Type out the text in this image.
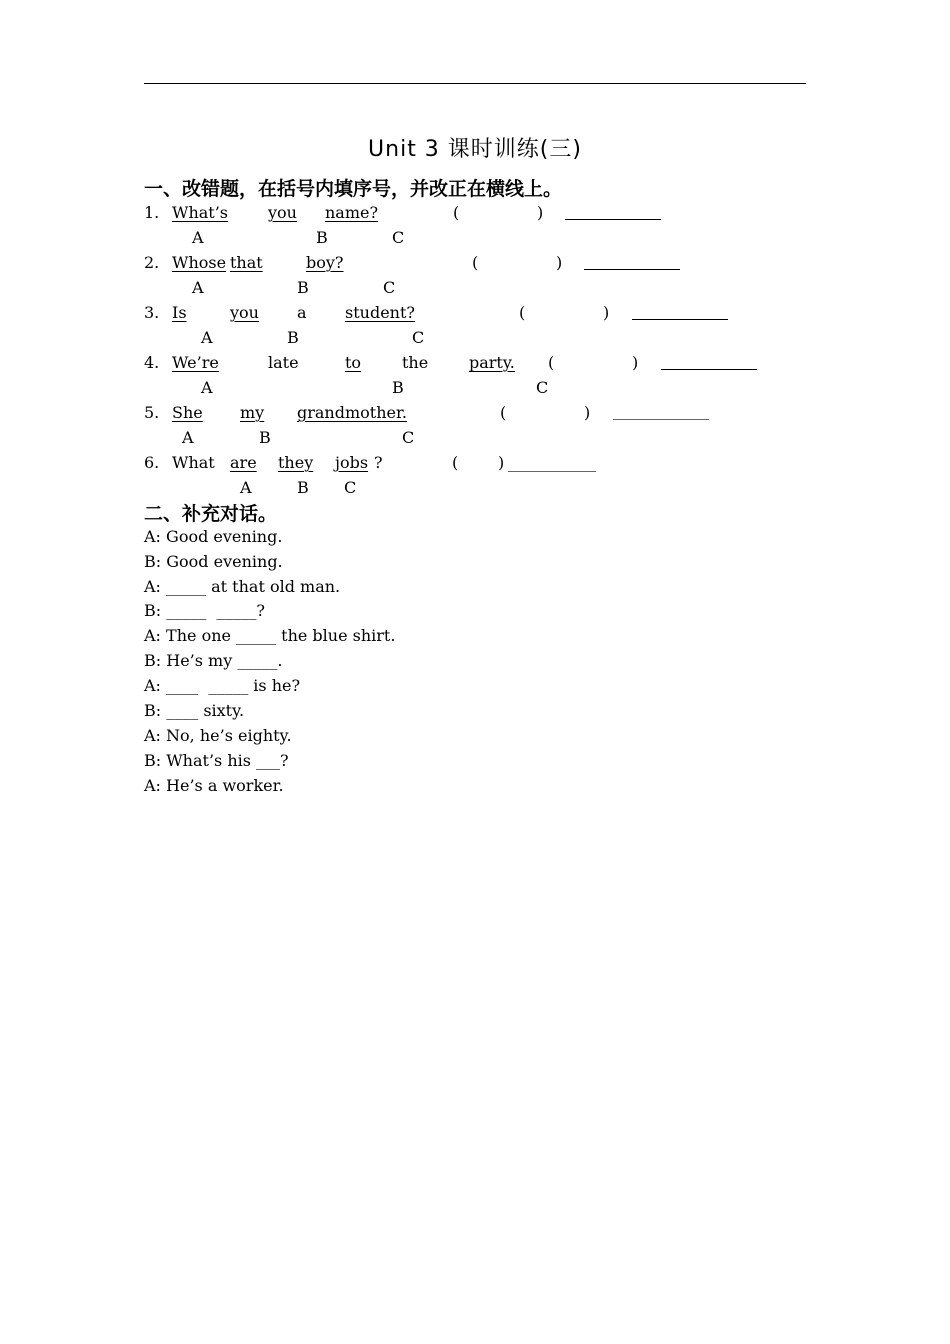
Unit 3 课时训练(三)
一、改错题，在括号内填序号，并改正在横线上。
1. What’s you name?	(	)
A	B	C
2. Whose that	boy?	(	)
A	B	C
3. Is	you a student?	(	)
A	B	C
4. We’re	late	to	the	party. (	)
A	B	C
5. She my grandmother.	(	)
A	B	C
6. What are they jobs ?	( ) ___________
A	B C
二、补充对话。
A: Good evening.
B: Good evening.
A: _____ at that old man.
B: _____  _____?
A: The one _____ the blue shirt.
B: He’s my _____.
A: ____  _____ is he?
B: ____ sixty.
A: No, he’s eighty.
B: What’s his ___?
A: He’s a worker.
